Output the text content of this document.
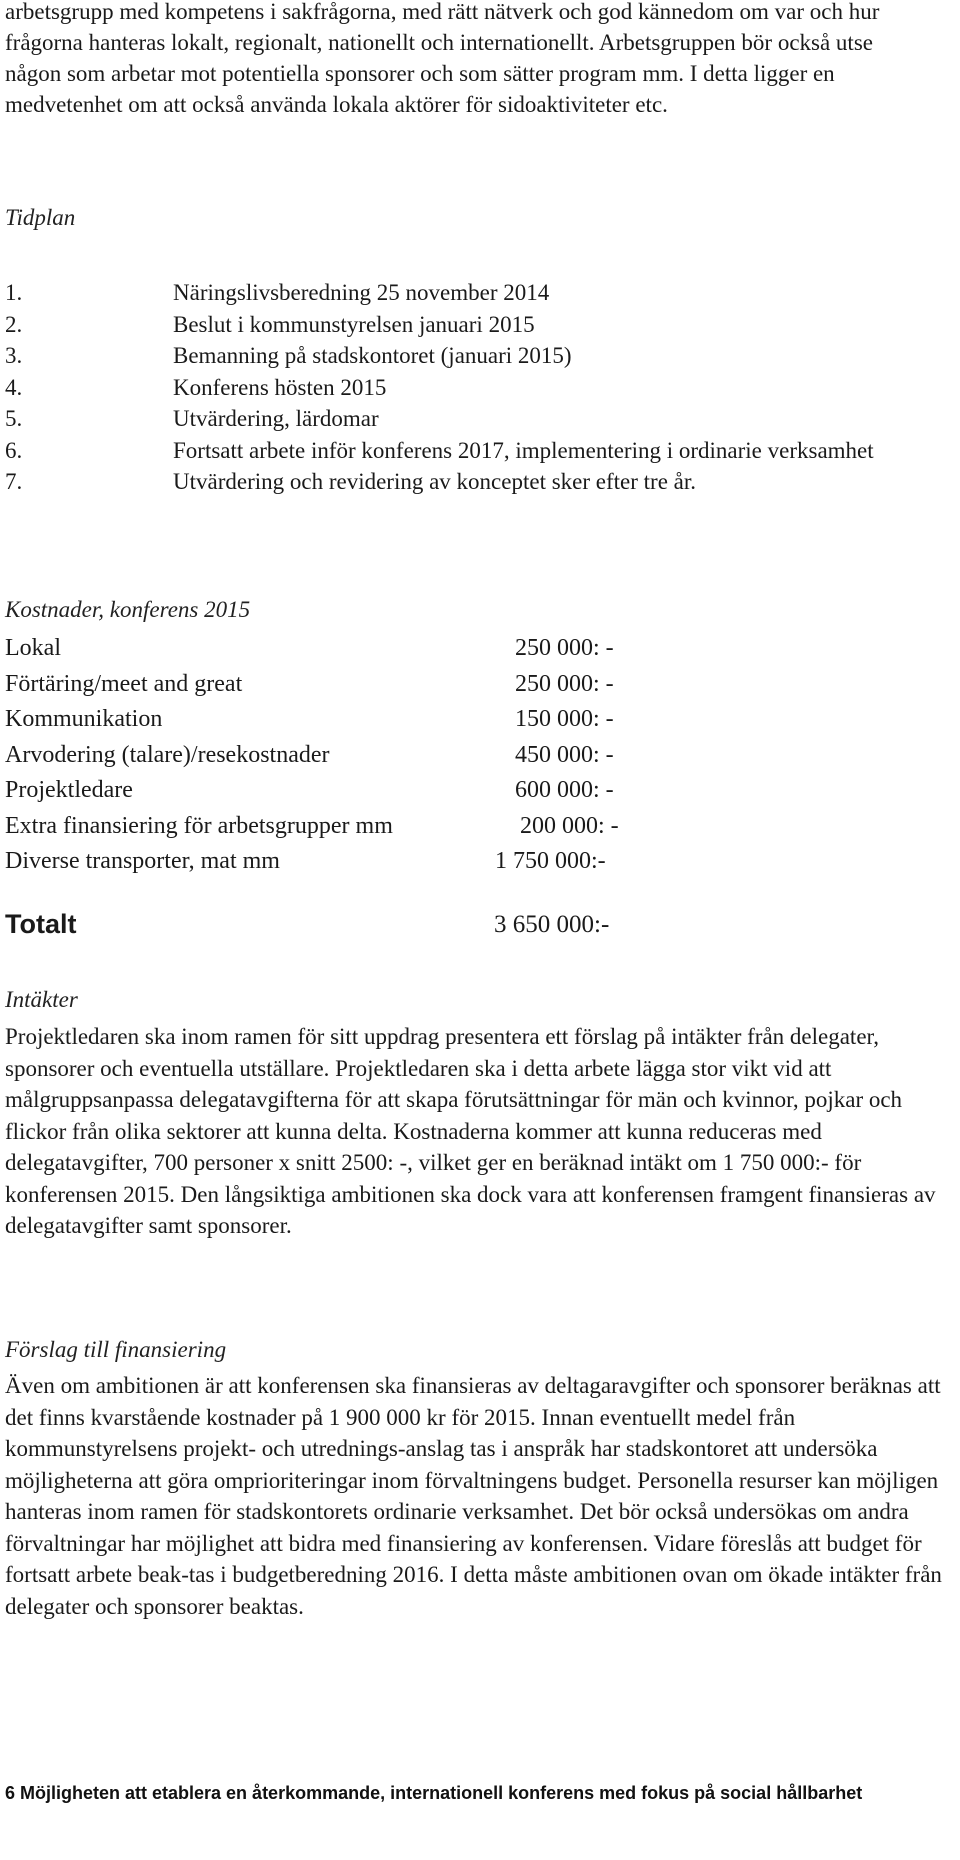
arbetsgrupp med kompetens i sakfrågorna, med rätt nätverk och god kännedom om var och hur frågorna hanteras lokalt, regionalt, nationellt och internationellt. Arbetsgruppen bör också utse någon som arbetar mot potentiella sponsorer och som sätter program mm. I detta ligger en medvetenhet om att också använda lokala aktörer för sidoaktiviteter etc.

Tidplan

1.	Näringslivsberedning 25 november 2014
2.	Beslut i kommunstyrelsen januari 2015
3.	Bemanning på stadskontoret (januari 2015)
4.	Konferens hösten 2015
5.	Utvärdering, lärdomar
6.	Fortsatt arbete inför konferens 2017, implementering i ordinarie verksamhet
7.	Utvärdering och revidering av konceptet sker efter tre år.

Kostnader, konferens 2015

Lokal	250 000: -
Förtäring/meet and great	250 000: -
Kommunikation	150 000: -
Arvodering (talare)/resekostnader	450 000: -
Projektledare	600 000: -
Extra finansiering för arbetsgrupper mm	200 000: -
Diverse transporter, mat mm	1 750 000:-
Totalt	3 650 000:-

Intäkter

Projektledaren ska inom ramen för sitt uppdrag presentera ett förslag på intäkter från delegater, sponsorer och eventuella utställare. Projektledaren ska i detta arbete lägga stor vikt vid att målgruppsanpassa delegatavgifterna för att skapa förutsättningar för män och kvinnor, pojkar och flickor från olika sektorer att kunna delta. Kostnaderna kommer att kunna reduceras med delegatavgifter, 700 personer x snitt 2500: -, vilket ger en beräknad intäkt om 1 750 000:- för konferensen 2015. Den långsiktiga ambitionen ska dock vara att konferensen framgent finansieras av delegatavgifter samt sponsorer.

Förslag till finansiering

Även om ambitionen är att konferensen ska finansieras av deltagaravgifter och sponsorer beräknas att det finns kvarstående kostnader på 1 900 000 kr för 2015. Innan eventuellt medel från kommunstyrelsens projekt- och utrednings-anslag tas i anspråk har stadskontoret att undersöka möjligheterna att göra omprioriteringar inom förvaltningens budget. Personella resurser kan möjligen hanteras inom ramen för stadskontorets ordinarie verksamhet. Det bör också undersökas om andra förvaltningar har möjlighet att bidra med finansiering av konferensen. Vidare föreslås att budget för fortsatt arbete beak-tas i budgetberedning 2016. I detta måste ambitionen ovan om ökade intäkter från delegater och sponsorer beaktas.

6 Möjligheten att etablera en återkommande, internationell konferens med fokus på social hållbarhet
